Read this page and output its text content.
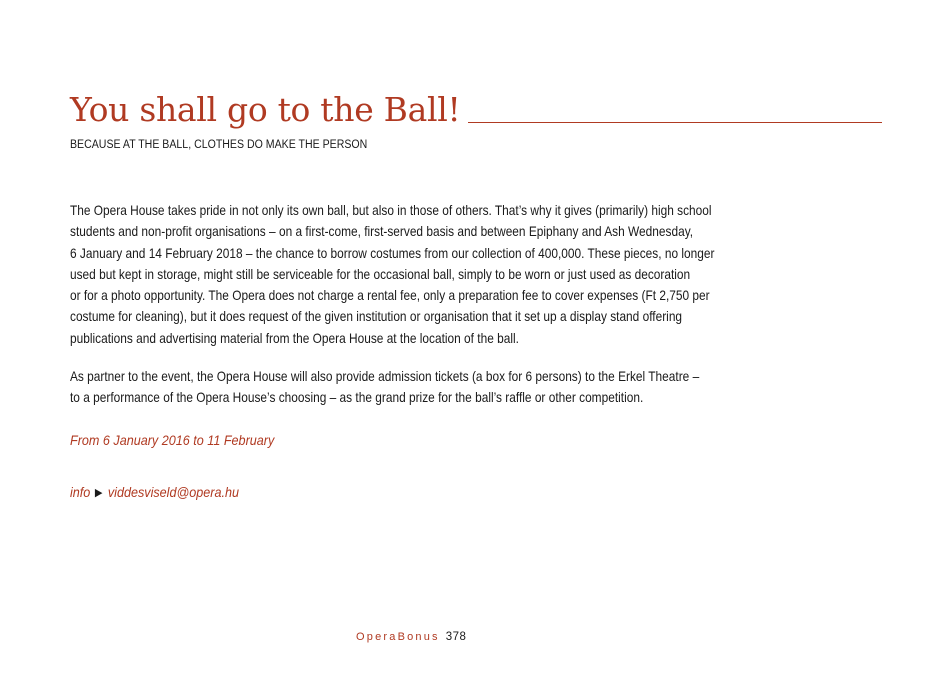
You shall go to the Ball!
BECAUSE AT THE BALL, CLOTHES DO MAKE THE PERSON
The Opera House takes pride in not only its own ball, but also in those of others. That’s why it gives (primarily) high school
students and non-profit organisations – on a first-come, first-served basis and between Epiphany and Ash Wednesday,
6 January and 14 February 2018 – the chance to borrow costumes from our collection of 400,000. These pieces, no longer
used but kept in storage, might still be serviceable for the occasional ball, simply to be worn or just used as decoration
or for a photo opportunity. The Opera does not charge a rental fee, only a preparation fee to cover expenses (Ft 2,750 per
costume for cleaning), but it does request of the given institution or organisation that it set up a display stand offering
publications and advertising material from the Opera House at the location of the ball.
As partner to the event, the Opera House will also provide admission tickets (a box for 6 persons) to the Erkel Theatre –
to a performance of the Opera House’s choosing – as the grand prize for the ball’s raffle or other competition.
From 6 January 2016 to 11 February
info ▶ viddesviseld@opera.hu
OperaBonus 378
